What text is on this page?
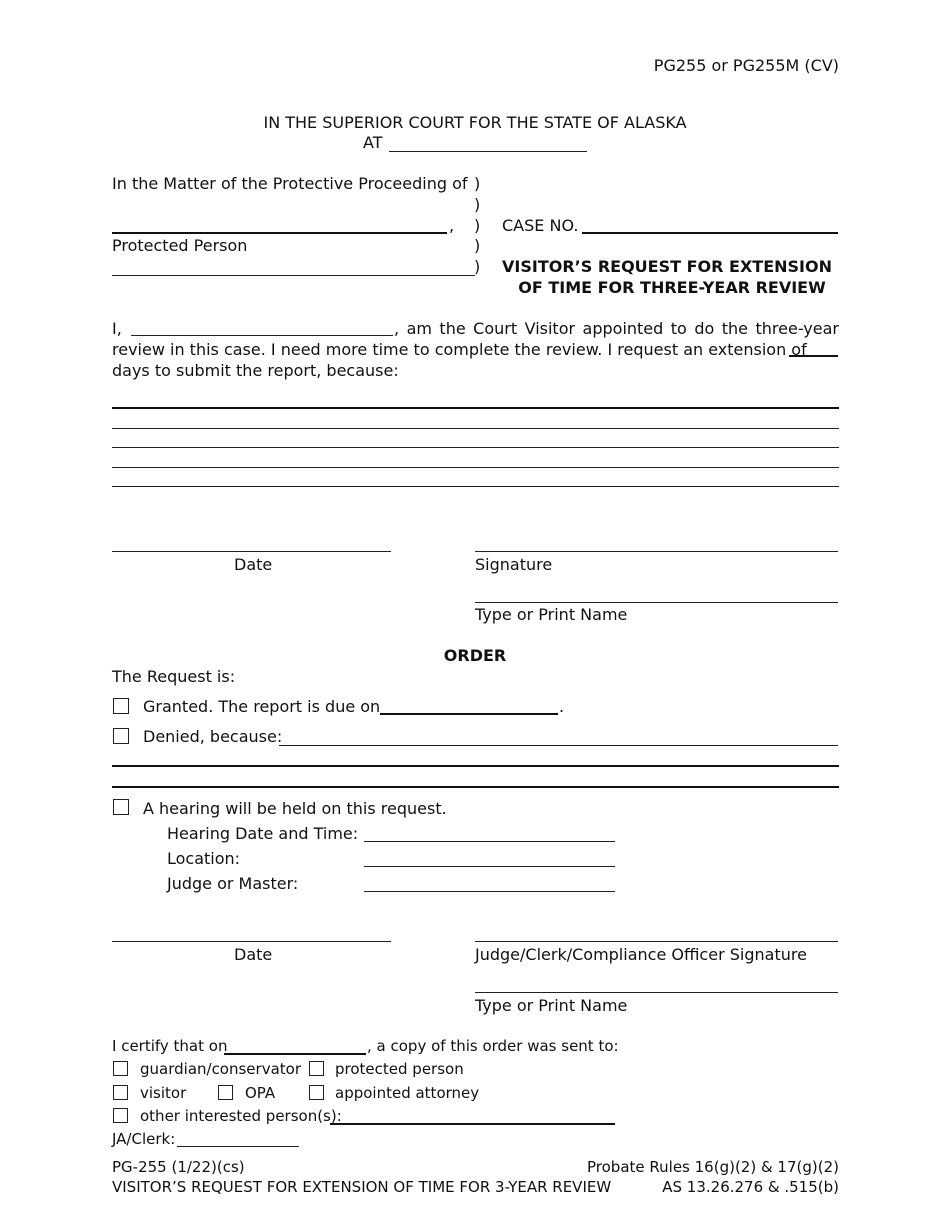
PG255 or PG255M (CV)
IN THE SUPERIOR COURT FOR THE STATE OF ALASKA
AT
In the Matter of the Protective Proceeding of
,
Protected Person
)
)
)
)
)
CASE NO.
VISITOR’S REQUEST FOR EXTENSION
OF TIME FOR THREE-YEAR REVIEW
I,	, am the Court Visitor appointed to do the three-year
review in this case. I need more time to complete the review. I request an extension of
days to submit the report, because:
Date	Signature
Type or Print Name
ORDER
The Request is:
Granted. The report is due on	.
Denied, because:
A hearing will be held on this request.
Hearing Date and Time:
Location:
Judge or Master:
Date	Judge/Clerk/Compliance Officer Signature
Type or Print Name
I certify that on	, a copy of this order was sent to:
guardian/conservator protected person
visitor	OPA	appointed attorney
other interested person(s):
JA/Clerk:
PG-255 (1/22)(cs)
VISITOR’S REQUEST FOR EXTENSION OF TIME FOR 3-YEAR REVIEW
Probate Rules 16(g)(2) & 17(g)(2)
AS 13.26.276 & .515(b)
